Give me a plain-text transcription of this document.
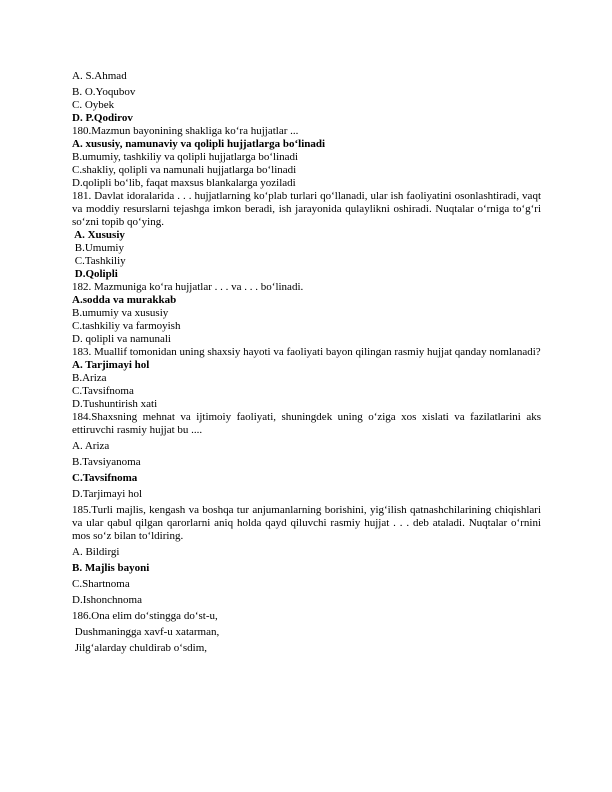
A. S.Ahmad

B. O.Yoqubov

C. Oybek

D. P.Qodirov

180.Mazmun bayonining shakliga ko‘ra hujjatlar ...

A. xususiy, namunaviy va qolipli hujjatlarga bo‘linadi

B.umumiy, tashkiliy va qolipli hujjatlarga bo‘linadi

C.shakliy, qolipli va namunali hujjatlarga bo‘linadi

D.qolipli bo‘lib, faqat maxsus blankalarga yoziladi

181. Davlat idoralarida . . . hujjatlarning ko‘plab turlari qo‘llanadi, ular ish faoliyatini osonlashtiradi, vaqt va moddiy resurslarni tejashga imkon beradi, ish jarayonida qulaylikni oshiradi. Nuqtalar o‘rniga to‘g‘ri so‘zni topib qo‘ying.

A. Xususiy

B.Umumiy

C.Tashkiliy

D.Qolipli

182. Mazmuniga ko‘ra hujjatlar . . . va . . . bo‘linadi.

A.sodda va murakkab

B.umumiy va xususiy

C.tashkiliy va farmoyish

D. qolipli va namunali

183. Muallif tomonidan uning shaxsiy hayoti va faoliyati bayon qilingan rasmiy hujjat qanday nomlanadi?

A. Tarjimayi hol

B.Ariza

C.Tavsifnoma

D.Tushuntirish xati

184.Shaxsning mehnat va ijtimoiy faoliyati, shuningdek uning o‘ziga xos xislati va fazilatlarini aks ettiruvchi rasmiy hujjat bu ....

A. Ariza

B.Tavsiyanoma

C.Tavsifnoma

D.Tarjimayi hol

185.Turli majlis, kengash va boshqa tur anjumanlarning borishini, yig‘ilish qatnashchilarining chiqishlari va ular qabul qilgan qarorlarni aniq holda qayd qiluvchi rasmiy hujjat . . . deb ataladi. Nuqtalar o‘rnini mos so‘z bilan to‘ldiring.

A. Bildirgi

B. Majlis bayoni

C.Shartnoma

D.Ishonchnoma

186.Ona elim do‘stingga do‘st-u,

Dushmaningga xavf-u xatarman,

Jilg‘alarday chuldirab o‘sdim,
